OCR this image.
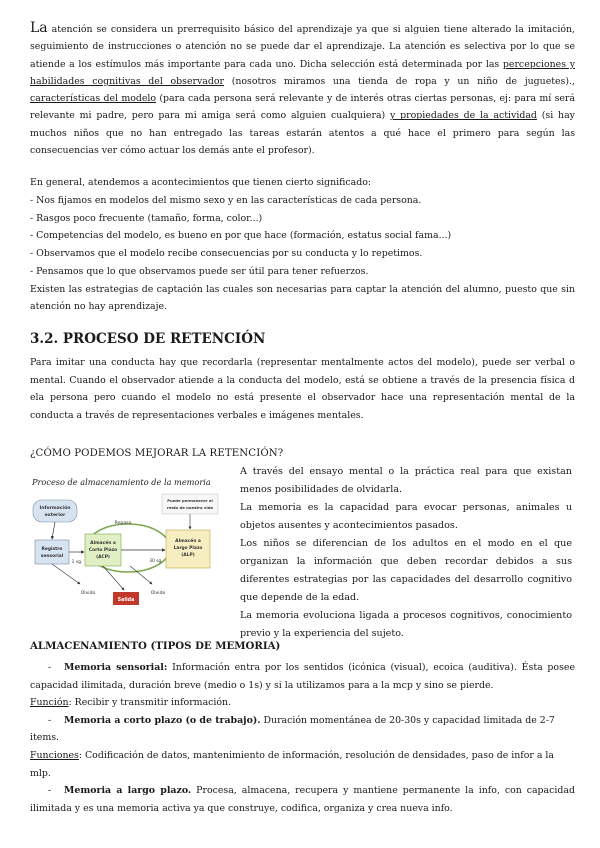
La atención se considera un prerrequisito básico del aprendizaje ya que si alguien tiene alterado la imitación, seguimiento de instrucciones o atención no se puede dar el aprendizaje. La atención es selectiva por lo que se atiende a los estímulos más importante para cada uno. Dicha selección está determinada por las percepciones y habilidades cognitivas del observador (nosotros miramos una tienda de ropa y un niño de juguetes)., características del modelo (para cada persona será relevante y de interés otras ciertas personas, ej: para mí será relevante mi padre, pero para mi amiga será como alguien cualquiera) y propiedades de la actividad (si hay muchos niños que no han entregado las tareas estarán atentos a qué hace el primero para según las consecuencias ver cómo actuar los demás ante el profesor).

En general, atendemos a acontecimientos que tienen cierto significado:

- Nos fijamos en modelos del mismo sexo y en las características de cada persona.

- Rasgos poco frecuente (tamaño, forma, color...)

- Competencias del modelo, es bueno en por que hace (formación, estatus social fama...)

- Observamos que el modelo recibe consecuencias por su conducta y lo repetimos.

- Pensamos que lo que observamos puede ser útil para tener refuerzos.

Existen las estrategias de captación las cuales son necesarias para captar la atención del alumno, puesto que sin atención no hay aprendizaje.

3.2. PROCESO DE RETENCIÓN

Para imitar una conducta hay que recordarla (representar mentalmente actos del modelo), puede ser verbal o mental. Cuando el observador atiende a la conducta del modelo, está se obtiene a través de la presencia física d ela persona pero cuando el modelo no está presente el observador hace una representación mental de la conducta a través de representaciones verbales e imágenes mentales.

¿CÓMO PODEMOS MEJORAR LA RETENCIÓN?
Proceso de almacenamiento de la memoria
Información
exterior
Registro
sensorial
Repaso
Almacén a
Corto Plazo
(ACP)
Almacén a
Largo Plazo
(ALP)
Puede permanecer el
resto de nuestra vida
1 sg.	30 sg.
Olvido	Olvido
Salida

A través del ensayo mental o la práctica real para que existan menos posibilidades de olvidarla.

La memoria es la capacidad para evocar personas, animales u objetos ausentes y acontecimientos pasados.

Los niños se diferencian de los adultos en el modo en el que organizan la información que deben recordar debidos a sus diferentes estrategias por las capacidades del desarrollo cognitivo que depende de la edad.

La memoria evoluciona ligada a procesos cognitivos, conocimiento previo y la experiencia del sujeto.

ALMACENAMIENTO (TIPOS DE MEMORIA)

- Memoria sensorial: Información entra por los sentidos (icónica (visual), ecoica (auditiva). Ésta posee capacidad ilimitada, duración breve (medio o 1s) y si la utilizamos para a la mcp y sino se pierde.

Función: Recibir y transmitir información.

- Memoria a corto plazo (o de trabajo). Duración momentánea de 20-30s y capacidad limitada de 2-7 items.

Funciones: Codificación de datos, mantenimiento de información, resolución de densidades, paso de infor a la mlp.

- Memoria a largo plazo. Procesa, almacena, recupera y mantiene permanente la info, con capacidad ilimitada y es una memoria activa ya que construye, codifica, organiza y crea nueva info.
